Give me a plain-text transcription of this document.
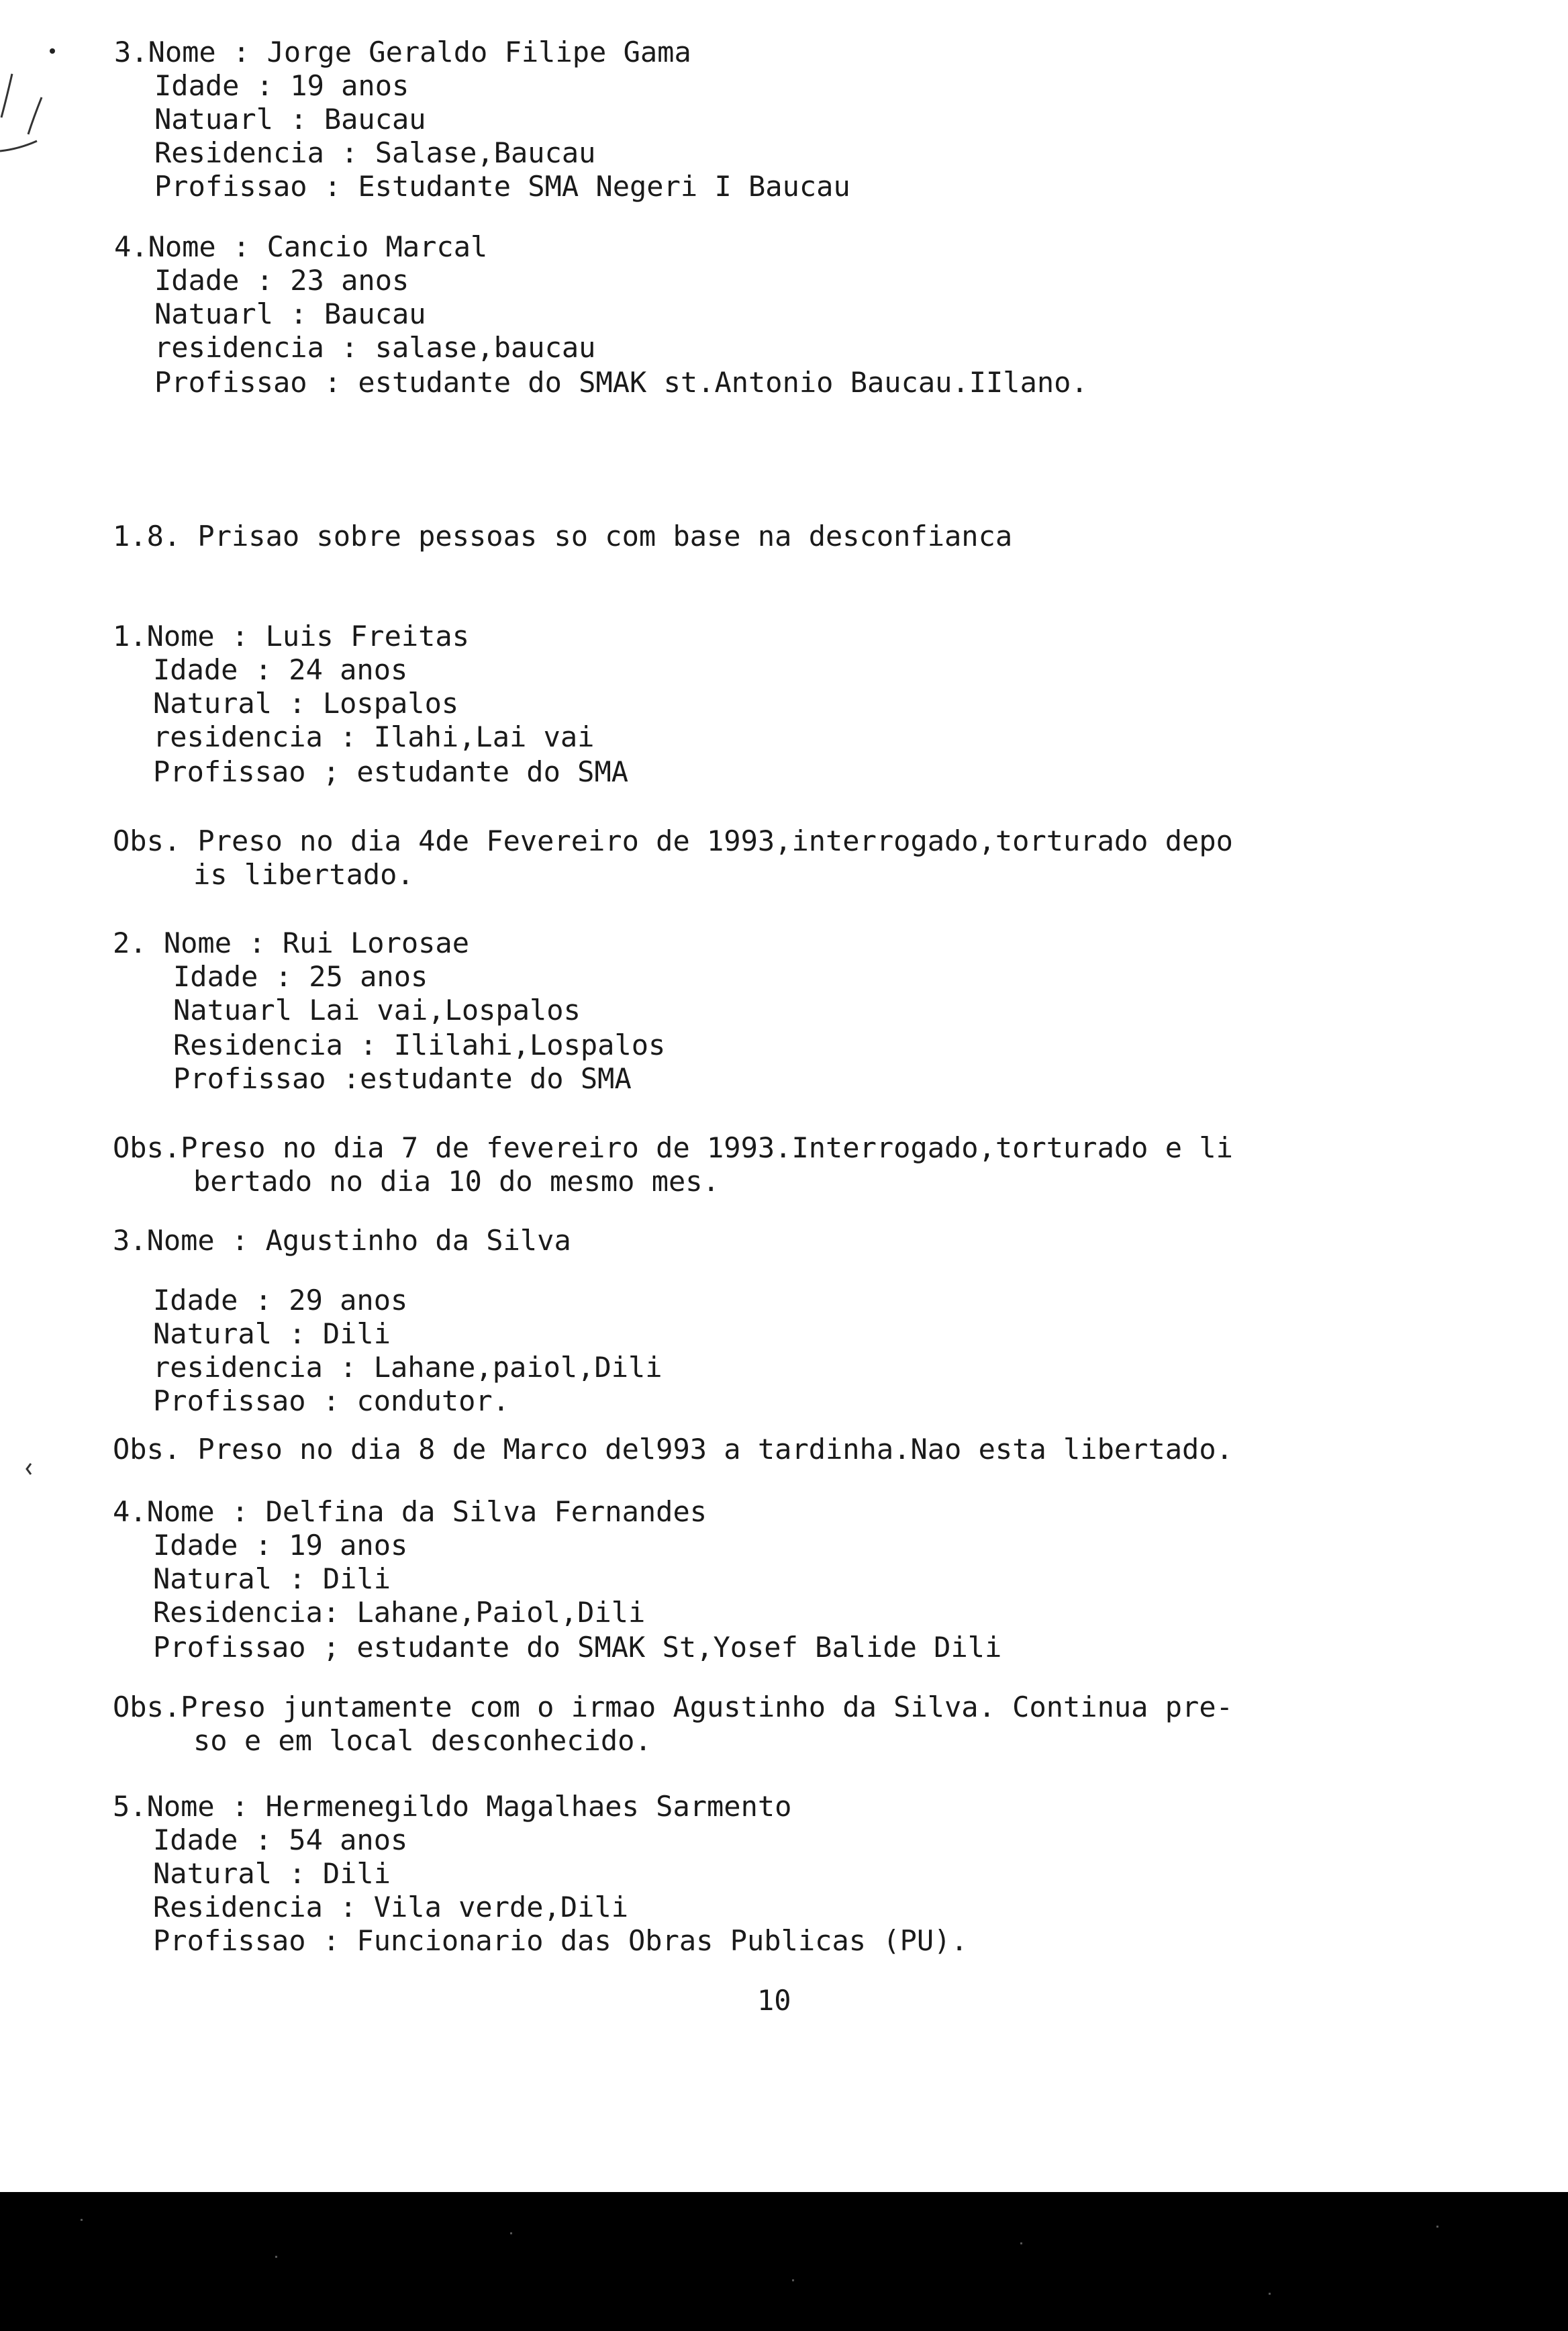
3.Nome : Jorge Geraldo Filipe Gama
Idade : 19 anos
Natuarl : Baucau
Residencia : Salase,Baucau
Profissao : Estudante SMA Negeri I Baucau
4.Nome : Cancio Marcal
Idade : 23 anos
Natuarl : Baucau
residencia : salase,baucau
Profissao : estudante do SMAK st.Antonio Baucau.IIlano.
1.8. Prisao sobre pessoas so com base na desconfianca
1.Nome : Luis Freitas
Idade : 24 anos
Natural : Lospalos
residencia : Ilahi,Lai vai
Profissao ; estudante do SMA
Obs. Preso no dia 4de Fevereiro de 1993,interrogado,torturado depo
is libertado.
2. Nome : Rui Lorosae
Idade : 25 anos
Natuarl Lai vai,Lospalos
Residencia : Ililahi,Lospalos
Profissao :estudante do SMA
Obs.Preso no dia 7 de fevereiro de 1993.Interrogado,torturado e li
bertado no dia 10 do mesmo mes.
3.Nome : Agustinho da Silva
Idade : 29 anos
Natural : Dili
residencia : Lahane,paiol,Dili
Profissao : condutor.
Obs. Preso no dia 8 de Marco del993 a tardinha.Nao esta libertado.
4.Nome : Delfina da Silva Fernandes
Idade : 19 anos
Natural : Dili
Residencia: Lahane,Paiol,Dili
Profissao ; estudante do SMAK St,Yosef Balide Dili
Obs.Preso juntamente com o irmao Agustinho da Silva. Continua pre-
so e em local desconhecido.
5.Nome : Hermenegildo Magalhaes Sarmento
Idade : 54 anos
Natural : Dili
Residencia : Vila verde,Dili
Profissao : Funcionario das Obras Publicas (PU).
10
